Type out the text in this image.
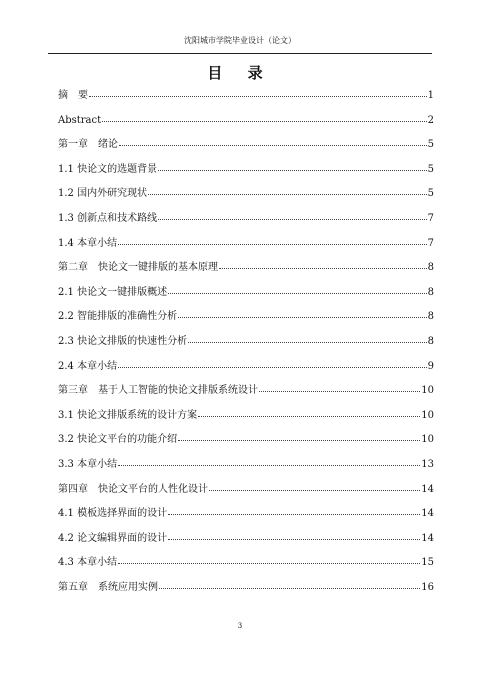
沈阳城市学院毕业设计（论文）
目 录
摘　要	1
Abstract	2
第一章　绪论	5
1.1 快论文的选题背景	5
1.2 国内外研究现状	5
1.3 创新点和技术路线	7
1.4 本章小结	7
第二章　快论文一键排版的基本原理	8
2.1 快论文一键排版概述	8
2.2 智能排版的准确性分析	8
2.3 快论文排版的快速性分析	8
2.4 本章小结	9
第三章　基于人工智能的快论文排版系统设计	10
3.1 快论文排版系统的设计方案	10
3.2 快论文平台的功能介绍	10
3.3 本章小结	13
第四章　快论文平台的人性化设计	14
4.1 模板选择界面的设计	14
4.2 论文编辑界面的设计	14
4.3 本章小结	15
第五章　系统应用实例	16
3
